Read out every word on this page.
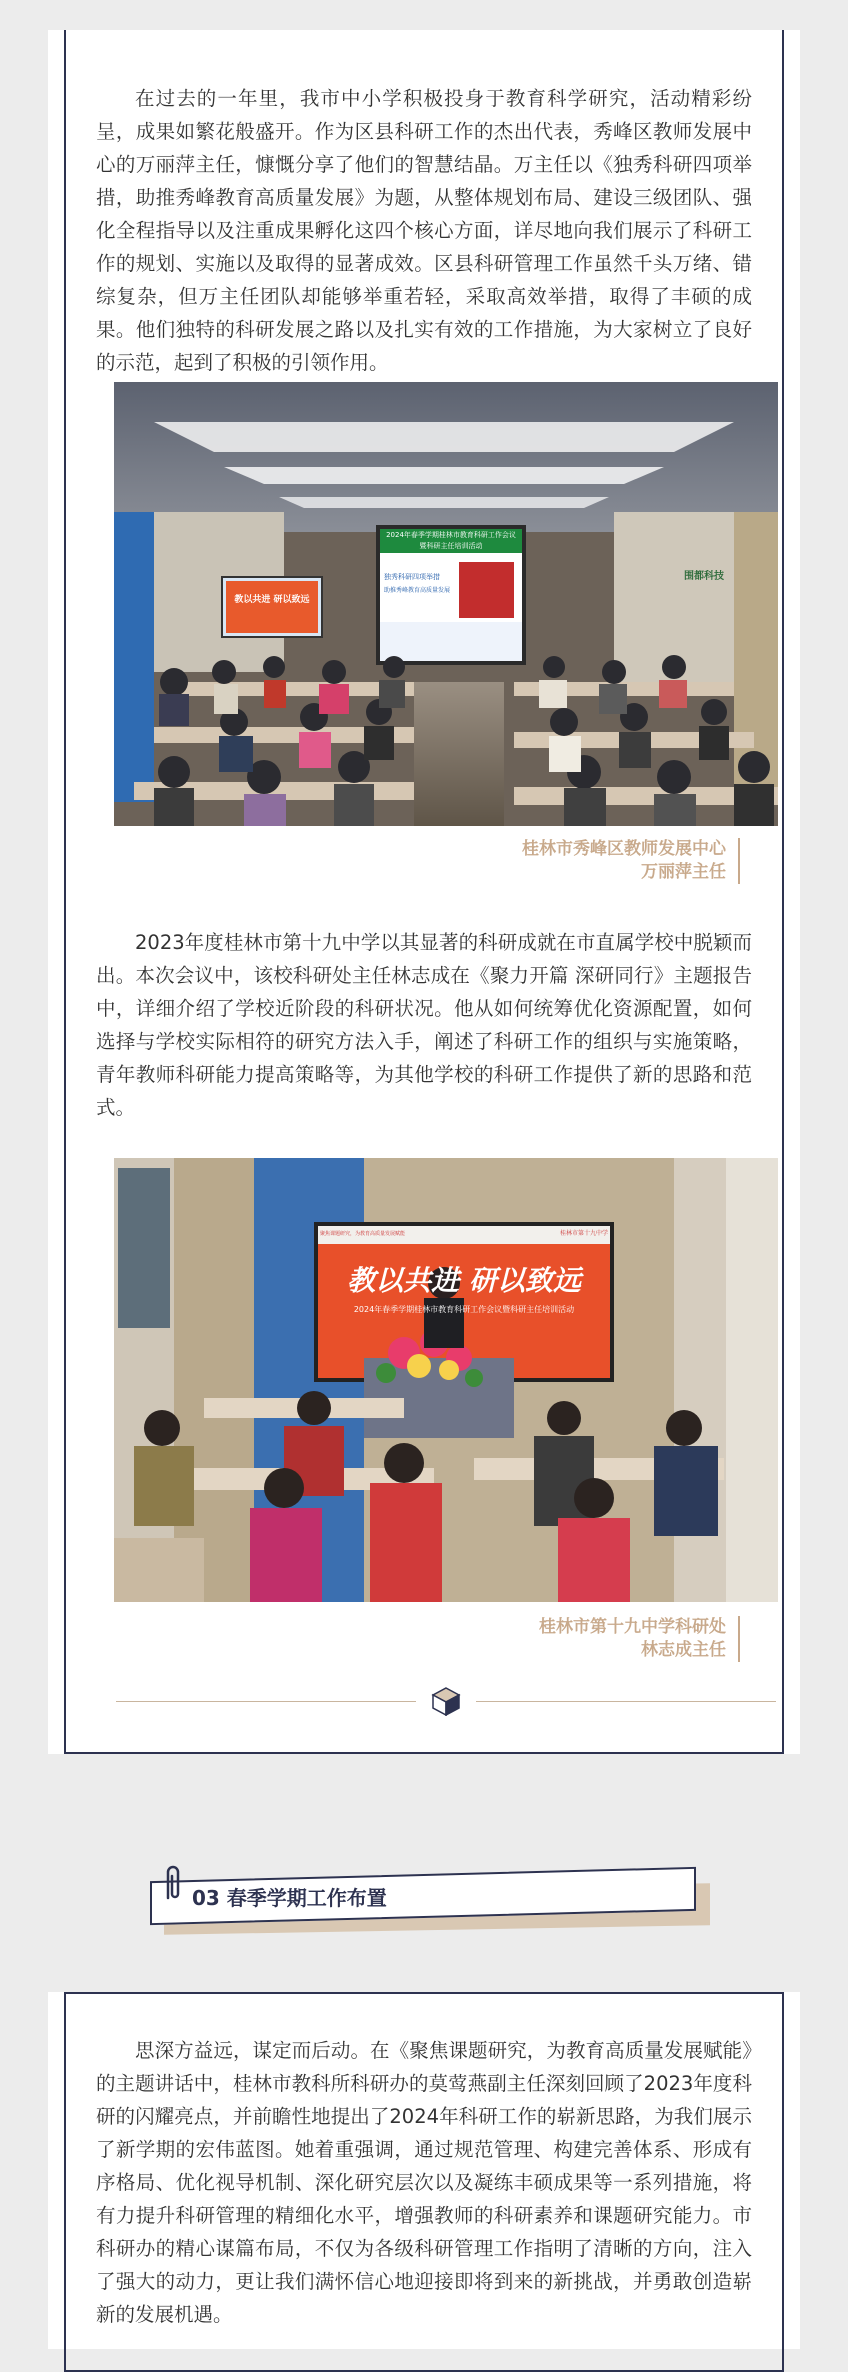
在过去的一年里，我市中小学积极投身于教育科学研究，活动精彩纷呈，成果如繁花般盛开。作为区县科研工作的杰出代表，秀峰区教师发展中心的万丽萍主任，慷慨分享了他们的智慧结晶。万主任以《独秀科研四项举措，助推秀峰教育高质量发展》为题，从整体规划布局、建设三级团队、强化全程指导以及注重成果孵化这四个核心方面，详尽地向我们展示了科研工作的规划、实施以及取得的显著成效。区县科研管理工作虽然千头万绪、错综复杂，但万主任团队却能够举重若轻，采取高效举措，取得了丰硕的成果。他们独特的科研发展之路以及扎实有效的工作措施，为大家树立了良好的示范，起到了积极的引领作用。

2024年春季学期桂林市教育科研工作会议
暨科研主任培训活动
独秀科研四项举措
助推秀峰教育高质量发展
教以共进 研以致远
围都科技
桂林市秀峰区教师发展中心
万丽萍主任

2023年度桂林市第十九中学以其显著的科研成就在市直属学校中脱颖而出。本次会议中，该校科研处主任林志成在《聚力开篇 深研同行》主题报告中，详细介绍了学校近阶段的科研状况。他从如何统筹优化资源配置，如何选择与学校实际相符的研究方法入手，阐述了科研工作的组织与实施策略，青年教师科研能力提高策略等，为其他学校的科研工作提供了新的思路和范式。

聚焦课题研究，为教育高质量发展赋能	桂林市第十九中学
教以共进 研以致远
2024年春季学期桂林市教育科研工作会议暨科研主任培训活动
桂林市第十九中学科研处
林志成主任
03 春季学期工作布置

思深方益远，谋定而后动。在《聚焦课题研究，为教育高质量发展赋能》的主题讲话中，桂林市教科所科研办的莫莺燕副主任深刻回顾了2023年度科研的闪耀亮点，并前瞻性地提出了2024年科研工作的崭新思路，为我们展示了新学期的宏伟蓝图。她着重强调，通过规范管理、构建完善体系、形成有序格局、优化视导机制、深化研究层次以及凝练丰硕成果等一系列措施，将有力提升科研管理的精细化水平，增强教师的科研素养和课题研究能力。市科研办的精心谋篇布局，不仅为各级科研管理工作指明了清晰的方向，注入了强大的动力，更让我们满怀信心地迎接即将到来的新挑战，并勇敢创造崭新的发展机遇。
